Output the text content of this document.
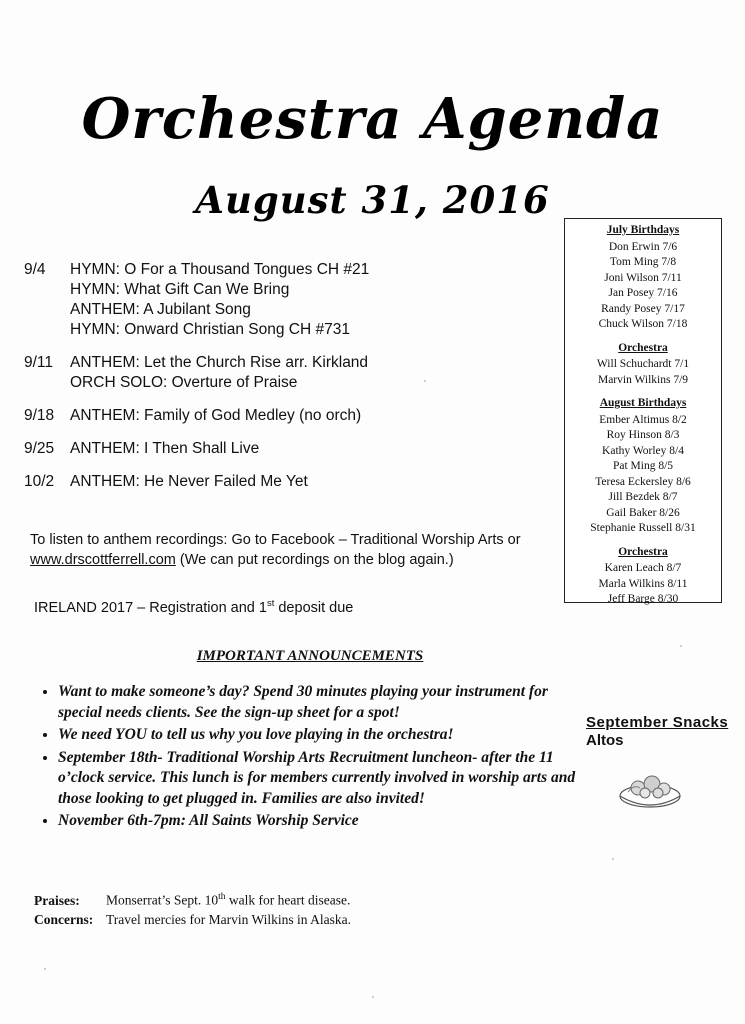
Orchestra Agenda
August 31, 2016
9/4	HYMN: O For a Thousand Tongues CH #21
HYMN: What Gift Can We Bring
ANTHEM: A Jubilant Song
HYMN: Onward Christian Song CH #731
9/11	ANTHEM: Let the Church Rise arr. Kirkland
ORCH SOLO: Overture of Praise
9/18	ANTHEM: Family of God Medley (no orch)
9/25	ANTHEM: I Then Shall Live
10/2	ANTHEM: He Never Failed Me Yet
To listen to anthem recordings: Go to Facebook – Traditional Worship Arts or
www.drscottferrell.com (We can put recordings on the blog again.)
IRELAND 2017 – Registration and 1st deposit due
July Birthdays
Don Erwin 7/6
Tom Ming 7/8
Joni Wilson 7/11
Jan Posey 7/16
Randy Posey 7/17
Chuck Wilson 7/18
Orchestra
Will Schuchardt 7/1
Marvin Wilkins 7/9
August Birthdays
Ember Altimus 8/2
Roy Hinson 8/3
Kathy Worley 8/4
Pat Ming 8/5
Teresa Eckersley 8/6
Jill Bezdek 8/7
Gail Baker 8/26
Stephanie Russell 8/31
Orchestra
Karen Leach 8/7
Marla Wilkins 8/11
Jeff Barge 8/30
IMPORTANT ANNOUNCEMENTS
• Want to make someone’s day? Spend 30 minutes playing your instrument for special needs clients. See the sign-up sheet for a spot!
• We need YOU to tell us why you love playing in the orchestra!
• September 18th- Traditional Worship Arts Recruitment luncheon- after the 11 o’clock service. This lunch is for members currently involved in worship arts and those looking to get plugged in. Families are also invited!
• November 6th-7pm: All Saints Worship Service
September Snacks
Altos
Praises: Monserrat’s Sept. 10th walk for heart disease.
Concerns: Travel mercies for Marvin Wilkins in Alaska.
